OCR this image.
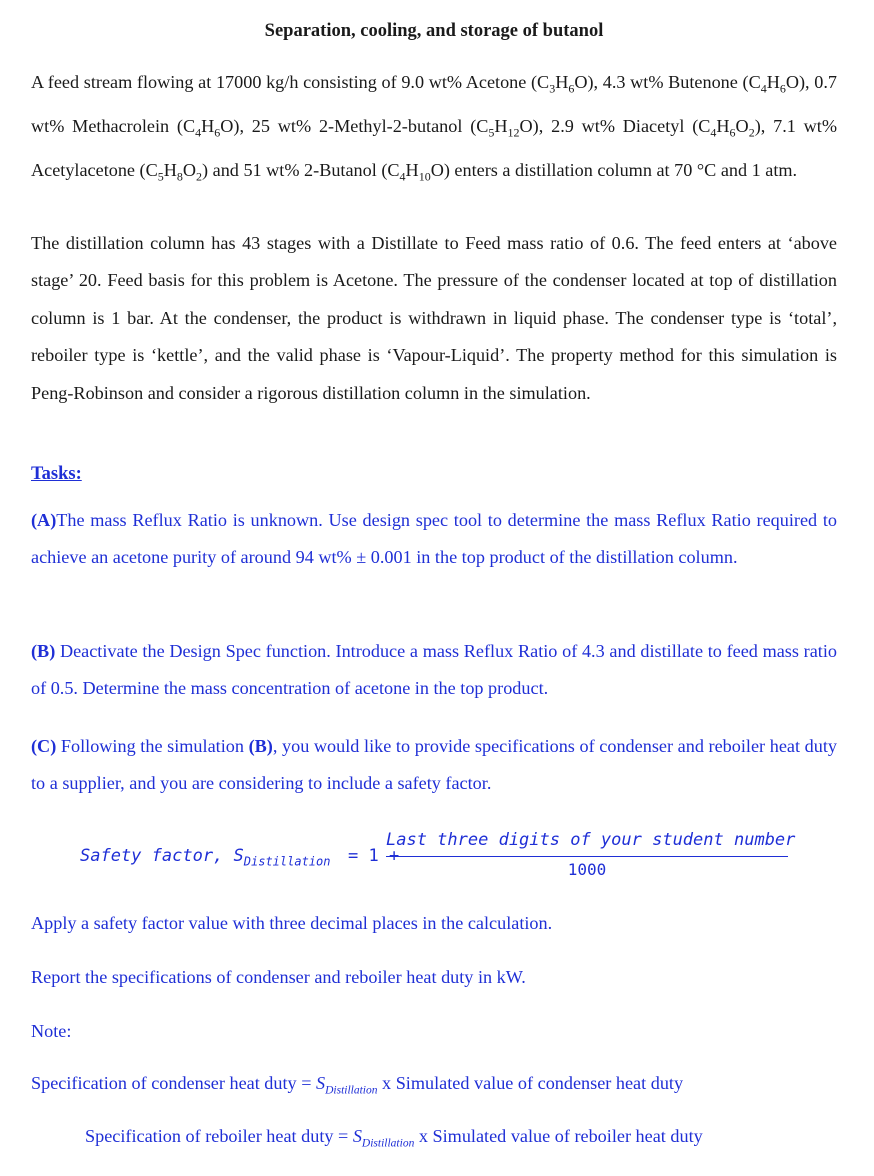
Separation, cooling, and storage of butanol
A feed stream flowing at 17000 kg/h consisting of 9.0 wt% Acetone $(C_3H_6O)$, 4.3 wt% Butenone $(C_4H_6O)$, 0.7 wt% Methacrolein $(C_4H_6O)$, 25 wt% 2-Methyl-2-butanol $(C_5H_{12}O)$, 2.9 wt% Diacetyl $(C_4H_6O_2)$, 7.1 wt% Acetylacetone $(C_5H_8O_2)$ and 51 wt% 2-Butanol $(C_4H_{10}O)$ enters a distillation column at 70 °C and 1 atm.
The distillation column has 43 stages with a Distillate to Feed mass ratio of 0.6. The feed enters at ‘above stage’ 20. Feed basis for this problem is Acetone. The pressure of the condenser located at top of distillation column is 1 bar. At the condenser, the product is withdrawn in liquid phase. The condenser type is ‘total’, reboiler type is ‘kettle’, and the valid phase is ‘Vapour-Liquid’. The property method for this simulation is Peng-Robinson and consider a rigorous distillation column in the simulation.
Tasks:
(A)The mass Reflux Ratio is unknown. Use design spec tool to determine the mass Reflux Ratio required to achieve an acetone purity of around 94 wt% ± 0.001 in the top product of the distillation column.
(B) Deactivate the Design Spec function. Introduce a mass Reflux Ratio of 4.3 and distillate to feed mass ratio of 0.5. Determine the mass concentration of acetone in the top product.
(C) Following the simulation (B), you would like to provide specifications of condenser and reboiler heat duty to a supplier, and you are considering to include a safety factor.
Safety factor, $S_{Distillation} = 1$ +
Last three digits of your student number
1000
Apply a safety factor value with three decimal places in the calculation.
Report the specifications of condenser and reboiler heat duty in kW.
Note:
Specification of condenser heat duty = $S_{Distillation}$ x Simulated value of condenser heat duty
Specification of reboiler heat duty = $S_{Distillation}$ x Simulated value of reboiler heat duty
